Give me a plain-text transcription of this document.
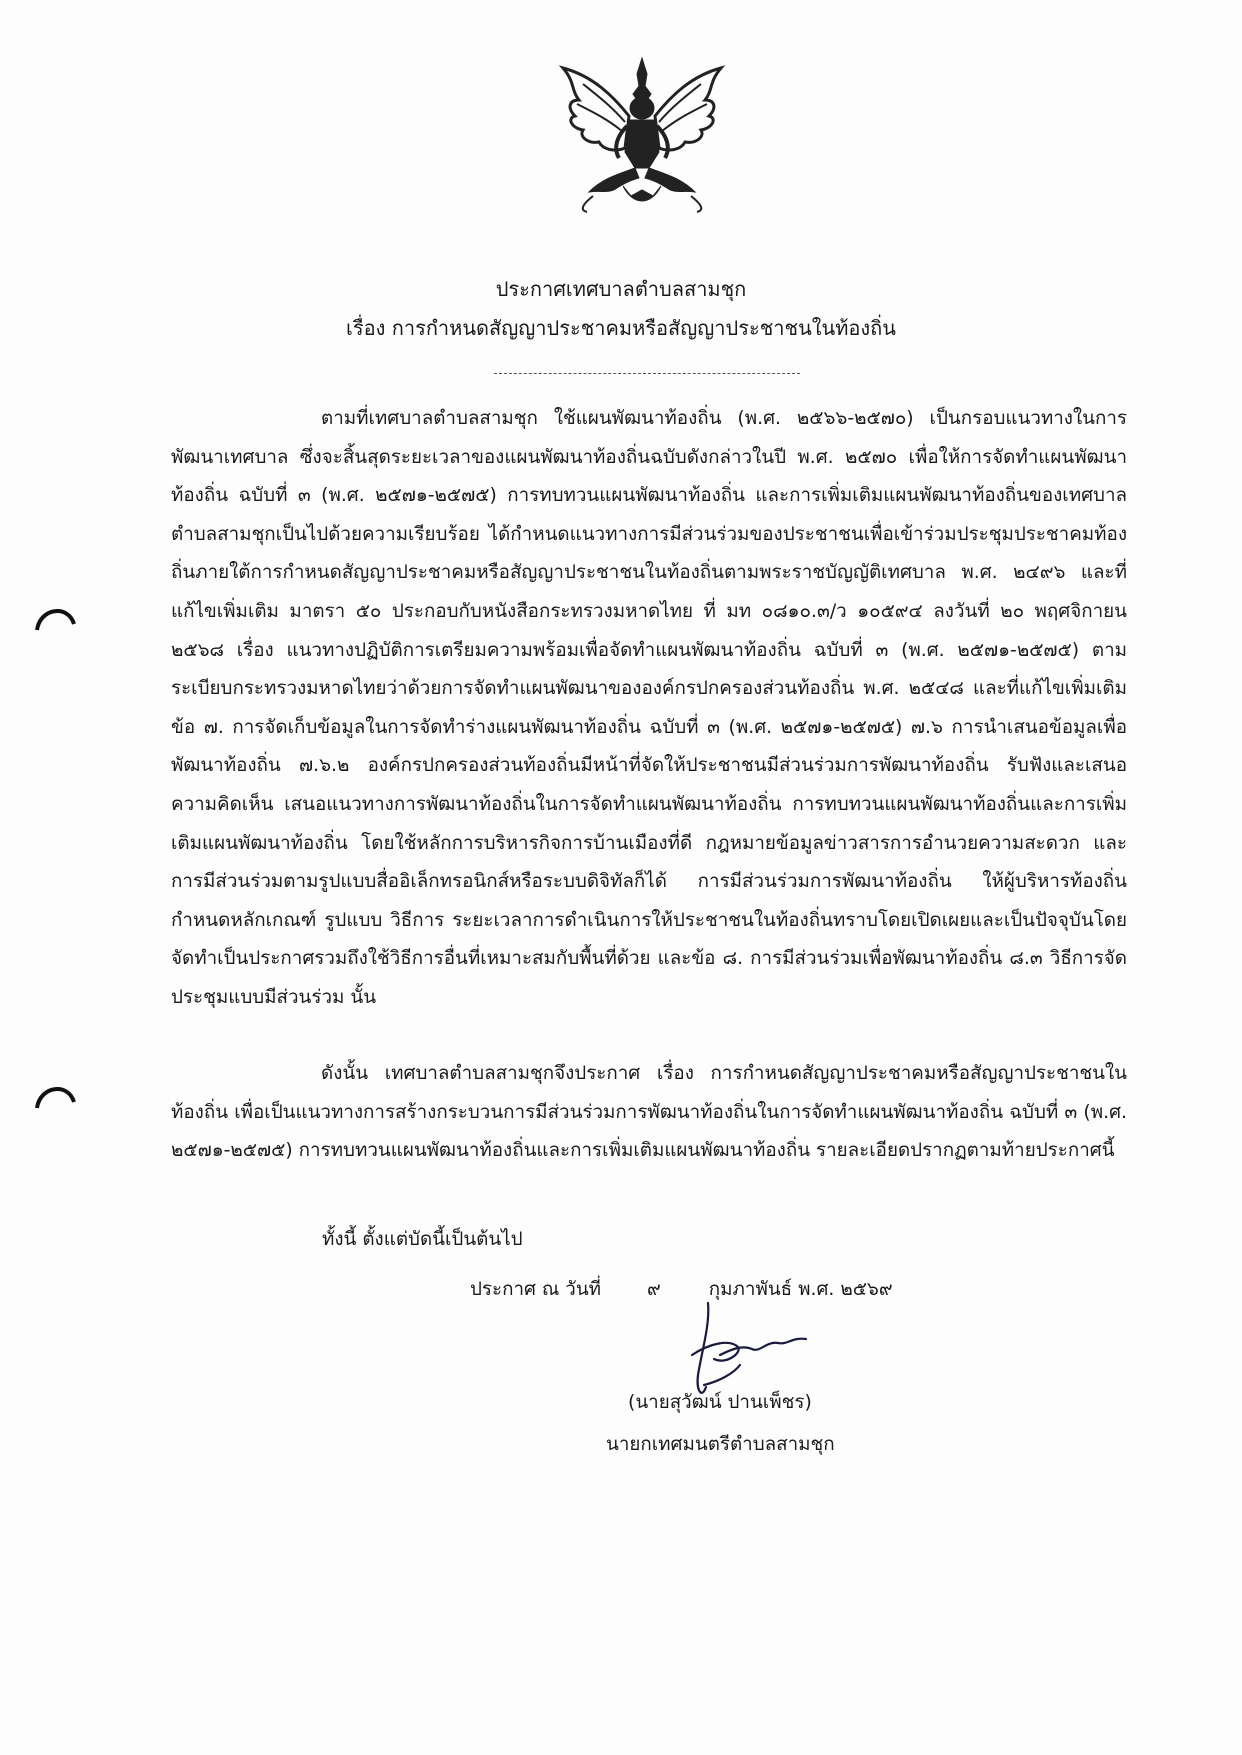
ประกาศเทศบาลตำบลสามชุก
เรื่อง การกำหนดสัญญาประชาคมหรือสัญญาประชาชนในท้องถิ่น
ตามที่เทศบาลตำบลสามชุก ใช้แผนพัฒนาท้องถิ่น (พ.ศ. ๒๕๖๖-๒๕๗๐) เป็นกรอบแนวทางในการพัฒนาเทศบาล ซึ่งจะสิ้นสุดระยะเวลาของแผนพัฒนาท้องถิ่นฉบับดังกล่าวในปี พ.ศ. ๒๕๗๐ เพื่อให้การจัดทำแผนพัฒนาท้องถิ่น ฉบับที่ ๓ (พ.ศ. ๒๕๗๑-๒๕๗๕) การทบทวนแผนพัฒนาท้องถิ่น และการเพิ่มเติมแผนพัฒนาท้องถิ่นของเทศบาลตำบลสามชุกเป็นไปด้วยความเรียบร้อย ได้กำหนดแนวทางการมีส่วนร่วมของประชาชนเพื่อเข้าร่วมประชุมประชาคมท้องถิ่นภายใต้การกำหนดสัญญาประชาคมหรือสัญญาประชาชนในท้องถิ่นตามพระราชบัญญัติเทศบาล พ.ศ. ๒๔๙๖ และที่แก้ไขเพิ่มเติม มาตรา ๕๐ ประกอบกับหนังสือกระทรวงมหาดไทย ที่ มท ๐๘๑๐.๓/ว ๑๐๕๙๔ ลงวันที่ ๒๐ พฤศจิกายน ๒๕๖๘ เรื่อง แนวทางปฏิบัติการเตรียมความพร้อมเพื่อจัดทำแผนพัฒนาท้องถิ่น ฉบับที่ ๓ (พ.ศ. ๒๕๗๑-๒๕๗๕) ตามระเบียบกระทรวงมหาดไทยว่าด้วยการจัดทำแผนพัฒนาขององค์กรปกครองส่วนท้องถิ่น พ.ศ. ๒๕๔๘ และที่แก้ไขเพิ่มเติม ข้อ ๗. การจัดเก็บข้อมูลในการจัดทำร่างแผนพัฒนาท้องถิ่น ฉบับที่ ๓ (พ.ศ. ๒๕๗๑-๒๕๗๕) ๗.๖ การนำเสนอข้อมูลเพื่อพัฒนาท้องถิ่น ๗.๖.๒ องค์กรปกครองส่วนท้องถิ่นมีหน้าที่จัดให้ประชาชนมีส่วนร่วมการพัฒนาท้องถิ่น รับฟังและเสนอความคิดเห็น เสนอแนวทางการพัฒนาท้องถิ่นในการจัดทำแผนพัฒนาท้องถิ่น การทบทวนแผนพัฒนาท้องถิ่นและการเพิ่มเติมแผนพัฒนาท้องถิ่น โดยใช้หลักการบริหารกิจการบ้านเมืองที่ดี กฎหมายข้อมูลข่าวสารการอำนวยความสะดวก และการมีส่วนร่วมตามรูปแบบสื่ออิเล็กทรอนิกส์หรือระบบดิจิทัลก็ได้ การมีส่วนร่วมการพัฒนาท้องถิ่น ให้ผู้บริหารท้องถิ่นกำหนดหลักเกณฑ์ รูปแบบ วิธีการ ระยะเวลาการดำเนินการให้ประชาชนในท้องถิ่นทราบโดยเปิดเผยและเป็นปัจจุบันโดยจัดทำเป็นประกาศรวมถึงใช้วิธีการอื่นที่เหมาะสมกับพื้นที่ด้วย และข้อ ๘. การมีส่วนร่วมเพื่อพัฒนาท้องถิ่น ๘.๓ วิธีการจัดประชุมแบบมีส่วนร่วม นั้น
ดังนั้น เทศบาลตำบลสามชุกจึงประกาศ เรื่อง การกำหนดสัญญาประชาคมหรือสัญญาประชาชนในท้องถิ่น เพื่อเป็นแนวทางการสร้างกระบวนการมีส่วนร่วมการพัฒนาท้องถิ่นในการจัดทำแผนพัฒนาท้องถิ่น ฉบับที่ ๓ (พ.ศ. ๒๕๗๑-๒๕๗๕) การทบทวนแผนพัฒนาท้องถิ่นและการเพิ่มเติมแผนพัฒนาท้องถิ่น รายละเอียดปรากฏตามท้ายประกาศนี้
ทั้งนี้ ตั้งแต่บัดนี้เป็นต้นไป
ประกาศ ณ วันที่ ๙	กุมภาพันธ์ พ.ศ. ๒๕๖๙
(นายสุวัฒน์ ปานเพ็ชร)
นายกเทศมนตรีตำบลสามชุก
